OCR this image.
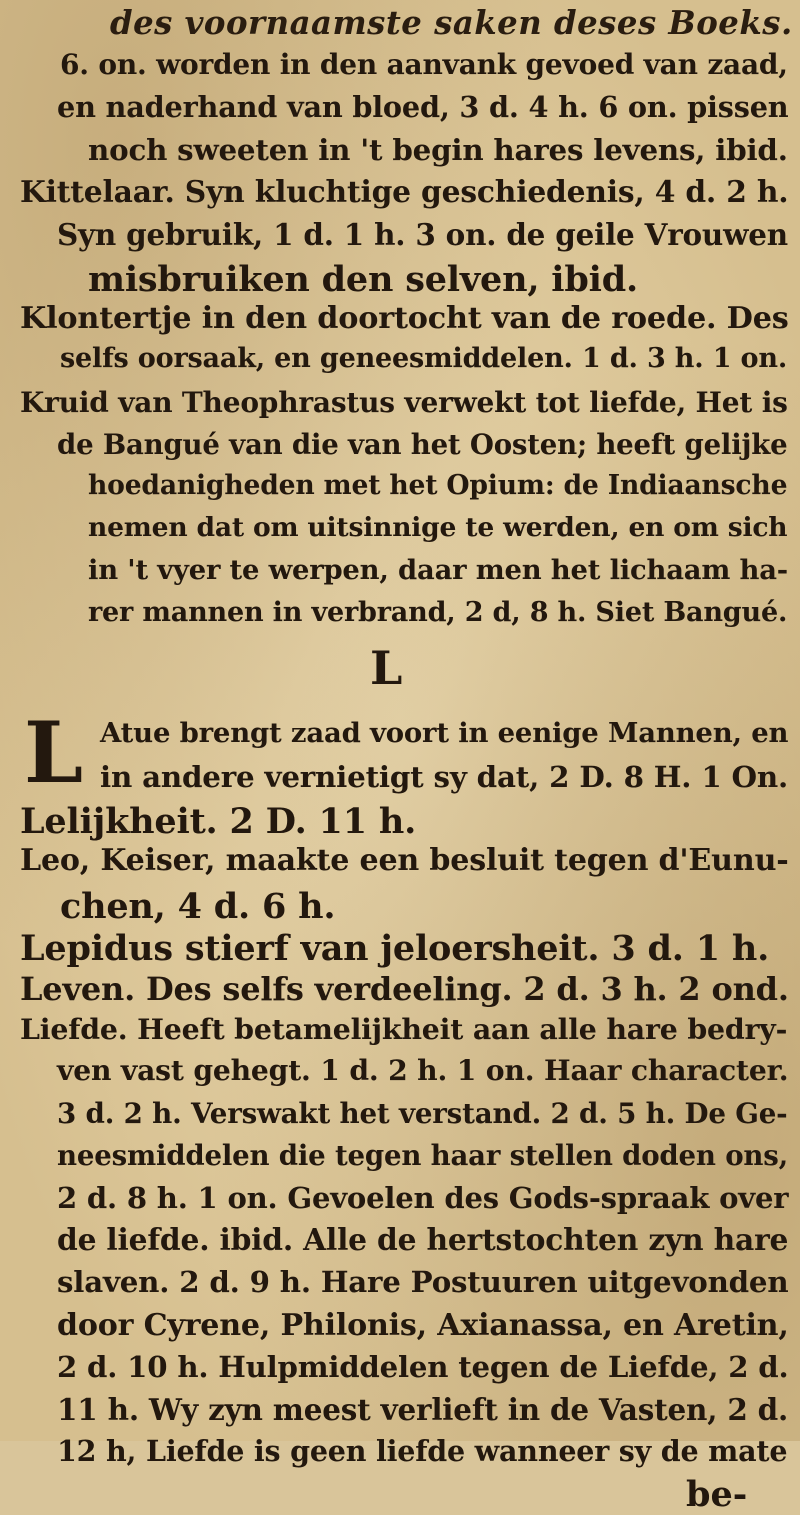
des voornaamste saken deses Boeks.
6. on. worden in den aanvank gevoed van zaad,
en naderhand van bloed, 3 d. 4 h. 6 on. pissen
noch sweeten in 't begin hares levens, ibid.
Kittelaar. Syn kluchtige geschiedenis, 4 d. 2 h.
Syn gebruik, 1 d. 1 h. 3 on. de geile Vrouwen
misbruiken den selven, ibid.
Klontertje in den doortocht van de roede. Des
selfs oorsaak, en geneesmiddelen. 1 d. 3 h. 1 on.
Kruid van Theophrastus verwekt tot liefde, Het is
de Bangué van die van het Oosten; heeft gelijke
hoedanigheden met het Opium: de Indiaansche
nemen dat om uitsinnige te werden, en om sich
in 't vyer te werpen, daar men het lichaam ha-
rer mannen in verbrand, 2 d, 8 h. Siet Bangué.
L
L Atue brengt zaad voort in eenige Mannen, en
in andere vernietigt sy dat, 2 D. 8 H. 1 On.
Lelijkheit. 2 D. 11 h.
Leo, Keiser, maakte een besluit tegen d'Eunu-
chen, 4 d. 6 h.
Lepidus stierf van jeloersheit. 3 d. 1 h.
Leven. Des selfs verdeeling. 2 d. 3 h. 2 ond.
Liefde. Heeft betamelijkheit aan alle hare bedry-
ven vast gehegt. 1 d. 2 h. 1 on. Haar character.
3 d. 2 h. Verswakt het verstand. 2 d. 5 h. De Ge-
neesmiddelen die tegen haar stellen doden ons,
2 d. 8 h. 1 on. Gevoelen des Gods-spraak over
de liefde. ibid. Alle de hertstochten zyn hare
slaven. 2 d. 9 h. Hare Postuuren uitgevonden
door Cyrene, Philonis, Axianassa, en Aretin,
2 d. 10 h. Hulpmiddelen tegen de Liefde, 2 d.
11 h. Wy zyn meest verlieft in de Vasten, 2 d.
12 h, Liefde is geen liefde wanneer sy de mate
be-
